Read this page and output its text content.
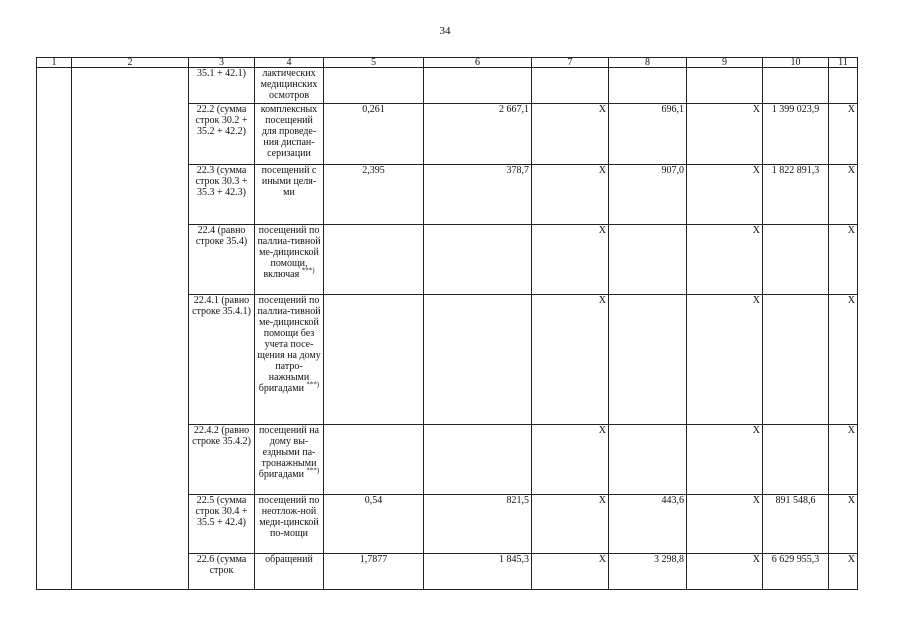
34
1	2	3	4	5	6	7	8	9	10	11
		35.1 + 42.1)	лактических медицинских осмотров							
		22.2 (сумма строк 30.2 + 35.2 + 42.2)	комплексных посещений для проведе-ния диспан-серизации	0,261	2 667,1	X	696,1	X	1 399 023,9	X
		22.3 (сумма строк 30.3 + 35.3 + 42.3)	посещений с иными целя-ми	2,395	378,7	X	907,0	X	1 822 891,3	X
		22.4 (равно строке 35.4)	посещений по паллиа-тивной ме-дицинской помощи, включая ***)			X		X		X
		22.4.1 (равно строке 35.4.1)	посещений по паллиа-тивной ме-дицинской помощи без учета посе-щения на дому патро-нажными бригадами ***)			X		X		X
		22.4.2 (равно строке 35.4.2)	посещений на дому вы-ездными па-тронажными бригадами ***)			X		X		X
		22.5 (сумма строк 30.4 + 35.5 + 42.4)	посещений по неотлож-ной меди-цинской по-мощи	0,54	821,5	X	443,6	X	891 548,6	X
		22.6 (сумма строк	обращений	1,7877	1 845,3	X	3 298,8	X	6 629 955,3	X
